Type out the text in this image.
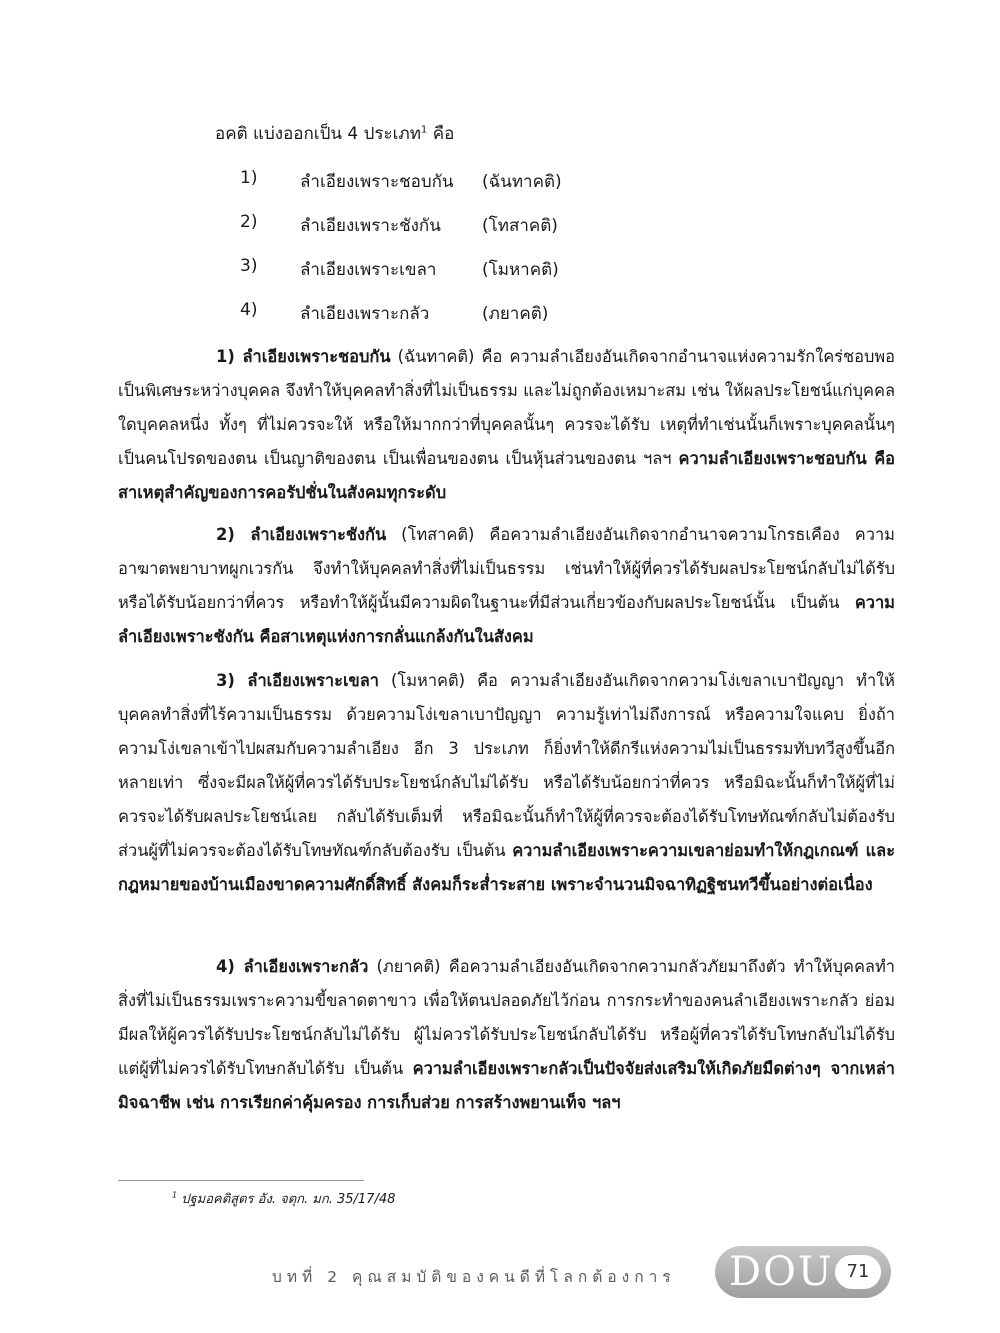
อคติ แบ่งออกเป็น 4 ประเภท$^1$ คือ
1)	ลำเอียงเพราะชอบกัน (ฉันทาคติ)
2)	ลำเอียงเพราะชังกัน (โทสาคติ)
3)	ลำเอียงเพราะเขลา	(โมหาคติ)
4)	ลำเอียงเพราะกลัว	(ภยาคติ)

1) ลำเอียงเพราะชอบกัน (ฉันทาคติ) คือ ความลำเอียงอันเกิดจากอำนาจแห่งความรักใคร่ชอบพอเป็นพิเศษระหว่างบุคคล จึงทำให้บุคคลทำสิ่งที่ไม่เป็นธรรม และไม่ถูกต้องเหมาะสม เช่น ให้ผลประโยชน์แก่บุคคลใดบุคคลหนึ่ง ทั้งๆ ที่ไม่ควรจะให้ หรือให้มากกว่าที่บุคคลนั้นๆ ควรจะได้รับ เหตุที่ทำเช่นนั้นก็เพราะบุคคลนั้นๆ เป็นคนโปรดของตน เป็นญาติของตน เป็นเพื่อนของตน เป็นหุ้นส่วนของตน ฯลฯ ความลำเอียงเพราะชอบกัน คือสาเหตุสำคัญของการคอรัปชั่นในสังคมทุกระดับ

2) ลำเอียงเพราะชังกัน (โทสาคติ) คือความลำเอียงอันเกิดจากอำนาจความโกรธเคือง ความอาฆาตพยาบาทผูกเวรกัน จึงทำให้บุคคลทำสิ่งที่ไม่เป็นธรรม เช่นทำให้ผู้ที่ควรได้รับผลประโยชน์กลับไม่ได้รับหรือได้รับน้อยกว่าที่ควร หรือทำให้ผู้นั้นมีความผิดในฐานะที่มีส่วนเกี่ยวข้องกับผลประโยชน์นั้น เป็นต้น ความลำเอียงเพราะชังกัน คือสาเหตุแห่งการกลั่นแกล้งกันในสังคม

3) ลำเอียงเพราะเขลา (โมหาคติ) คือ ความลำเอียงอันเกิดจากความโง่เขลาเบาปัญญา ทำให้บุคคลทำสิ่งที่ไร้ความเป็นธรรม ด้วยความโง่เขลาเบาปัญญา ความรู้เท่าไม่ถึงการณ์ หรือความใจแคบ ยิ่งถ้าความโง่เขลาเข้าไปผสมกับความลำเอียง อีก 3 ประเภท ก็ยิ่งทำให้ดีกรีแห่งความไม่เป็นธรรมทับทวีสูงขึ้นอีกหลายเท่า ซึ่งจะมีผลให้ผู้ที่ควรได้รับประโยชน์กลับไม่ได้รับ หรือได้รับน้อยกว่าที่ควร หรือมิฉะนั้นก็ทำให้ผู้ที่ไม่ควรจะได้รับผลประโยชน์เลย กลับได้รับเต็มที่ หรือมิฉะนั้นก็ทำให้ผู้ที่ควรจะต้องได้รับโทษทัณฑ์กลับไม่ต้องรับ ส่วนผู้ที่ไม่ควรจะต้องได้รับโทษทัณฑ์กลับต้องรับ เป็นต้น ความลำเอียงเพราะความเขลาย่อมทำให้กฎเกณฑ์ และกฎหมายของบ้านเมืองขาดความศักดิ์สิทธิ์ สังคมก็ระส่ำระสาย เพราะจำนวนมิจฉาทิฏฐิชนทวีขึ้นอย่างต่อเนื่อง

4) ลำเอียงเพราะกลัว (ภยาคติ) คือความลำเอียงอันเกิดจากความกลัวภัยมาถึงตัว ทำให้บุคคลทำสิ่งที่ไม่เป็นธรรมเพราะความขี้ขลาดตาขาว เพื่อให้ตนปลอดภัยไว้ก่อน การกระทำของคนลำเอียงเพราะกลัว ย่อมมีผลให้ผู้ควรได้รับประโยชน์กลับไม่ได้รับ ผู้ไม่ควรได้รับประโยชน์กลับได้รับ หรือผู้ที่ควรได้รับโทษกลับไม่ได้รับ แต่ผู้ที่ไม่ควรได้รับโทษกลับได้รับ เป็นต้น ความลำเอียงเพราะกลัวเป็นปัจจัยส่งเสริมให้เกิดภัยมืดต่างๆ จากเหล่ามิจฉาชีพ เช่น การเรียกค่าคุ้มครอง การเก็บส่วย การสร้างพยานเท็จ ฯลฯ

$^1$ ปฐมอคติสูตร อัง. จตุก. มก. 35/17/48
บทที่ 2 คุณสมบัติของคนดีที่โลกต้องการ DOU 71
